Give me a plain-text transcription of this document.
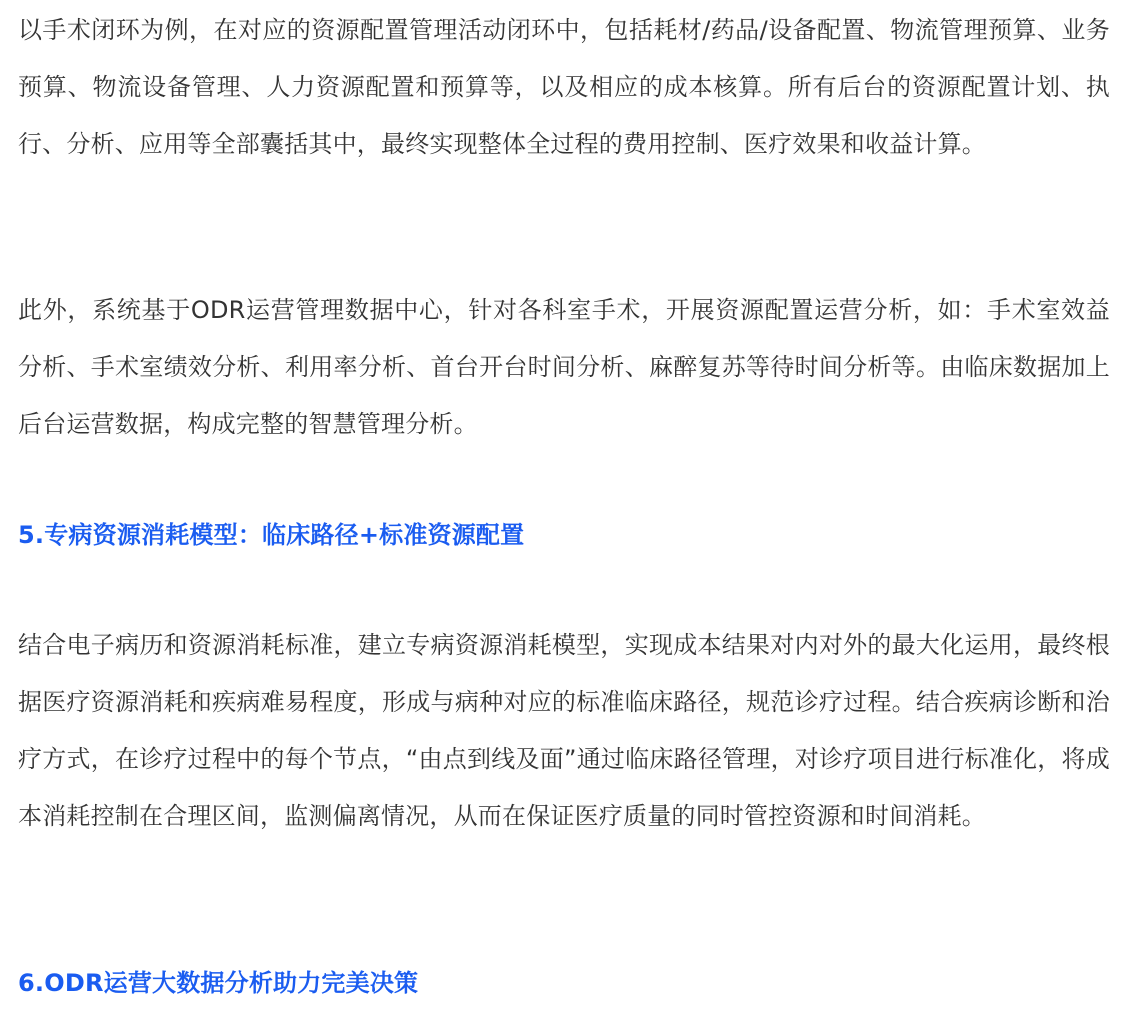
以手术闭环为例，在对应的资源配置管理活动闭环中，包括耗材/药品/设备配置、物流管理预算、业务预算、物流设备管理、人力资源配置和预算等，以及相应的成本核算。所有后台的资源配置计划、执行、分析、应用等全部囊括其中，最终实现整体全过程的费用控制、医疗效果和收益计算。

此外，系统基于ODR运营管理数据中心，针对各科室手术，开展资源配置运营分析，如：手术室效益分析、手术室绩效分析、利用率分析、首台开台时间分析、麻醉复苏等待时间分析等。由临床数据加上后台运营数据，构成完整的智慧管理分析。

5.专病资源消耗模型：临床路径+标准资源配置

结合电子病历和资源消耗标准，建立专病资源消耗模型，实现成本结果对内对外的最大化运用，最终根据医疗资源消耗和疾病难易程度，形成与病种对应的标准临床路径，规范诊疗过程。结合疾病诊断和治疗方式，在诊疗过程中的每个节点，“由点到线及面”通过临床路径管理，对诊疗项目进行标准化，将成本消耗控制在合理区间，监测偏离情况，从而在保证医疗质量的同时管控资源和时间消耗。

6.ODR运营大数据分析助力完美决策
